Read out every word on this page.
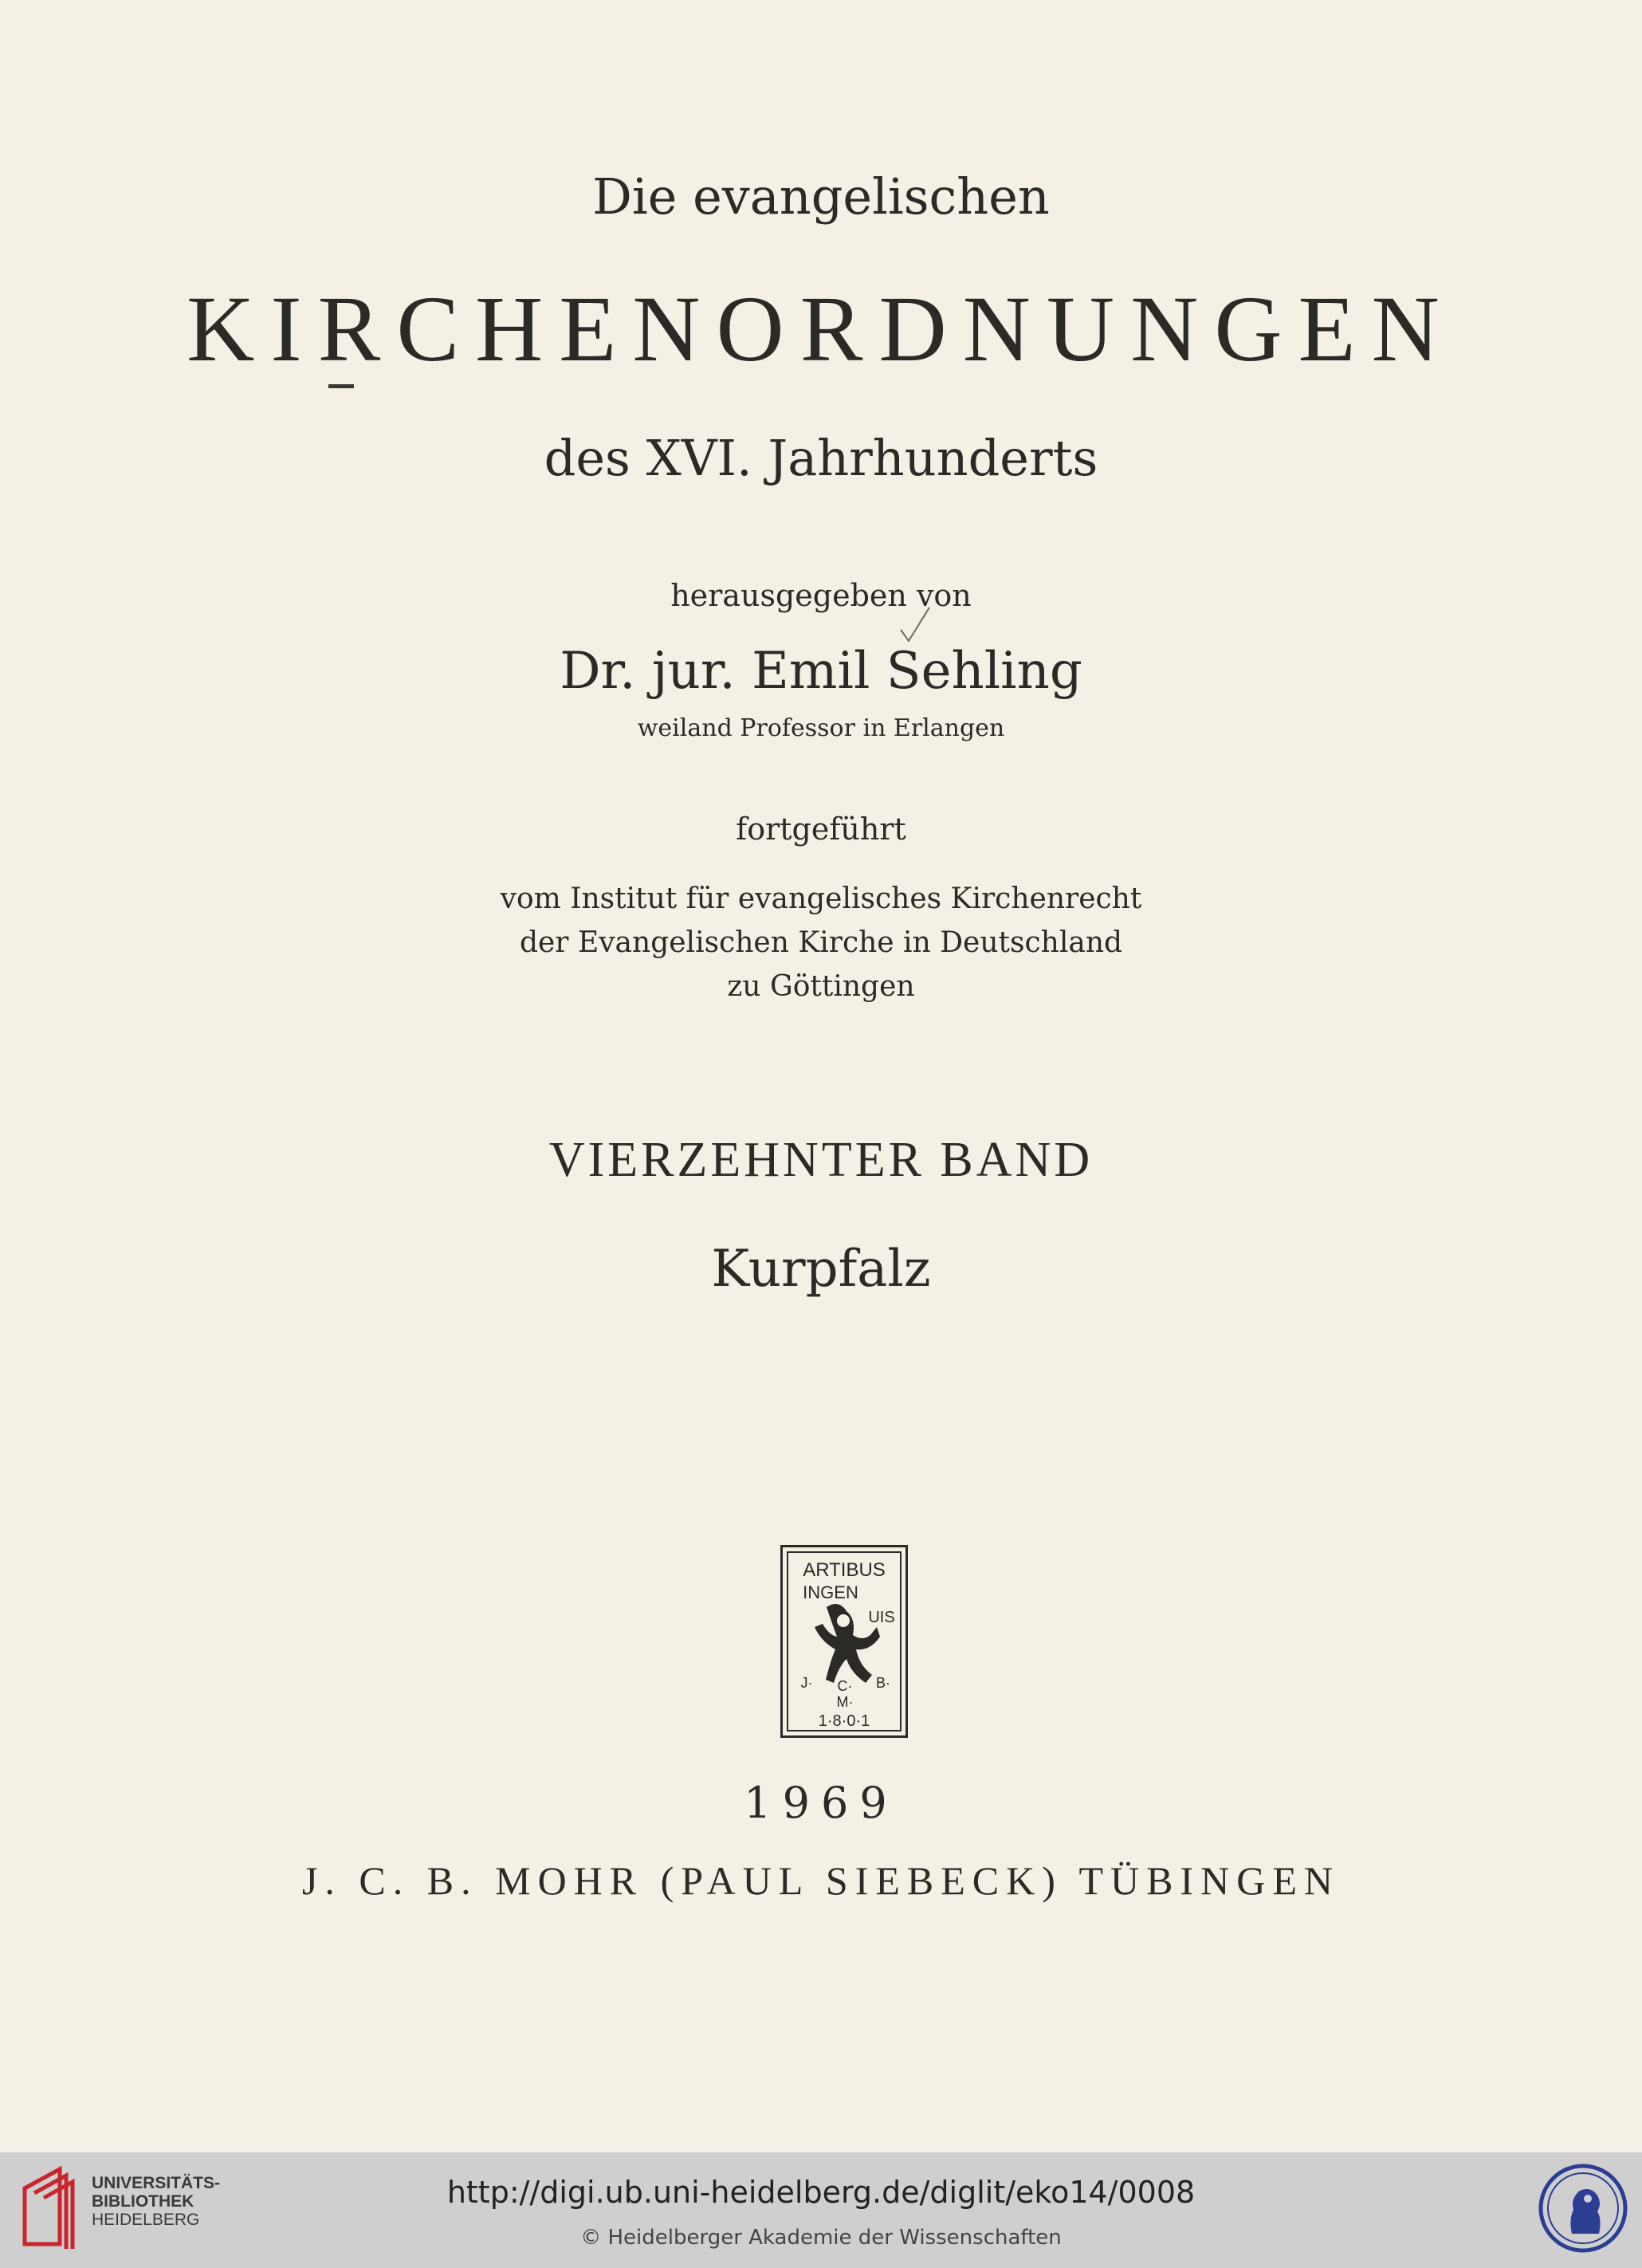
Die evangelischen
KIRCHENORDNUNGEN
des XVI. Jahrhunderts
herausgegeben von
Dr. jur. Emil Sehling
weiland Professor in Erlangen
fortgeführt
vom Institut für evangelisches Kirchenrecht
der Evangelischen Kirche in Deutschland
zu Göttingen
VIERZEHNTER BAND
Kurpfalz
ARTIBUS
INGEN
UIS
J· C· B·
M·
1·8·0·1
1969
J. C. B. MOHR (PAUL SIEBECK) TÜBINGEN
UNIVERSITÄTS-
BIBLIOTHEK
HEIDELBERG
http://digi.ub.uni-heidelberg.de/diglit/eko14/0008
© Heidelberger Akademie der Wissenschaften
